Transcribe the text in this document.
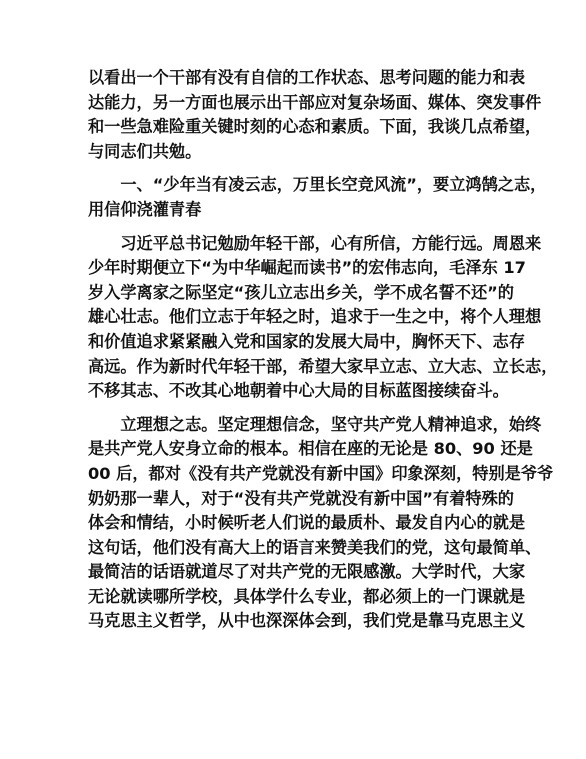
以看出一个干部有没有自信的工作状态、思考问题的能力和表
达能力，另一方面也展示出干部应对复杂场面、媒体、突发事件
和一些急难险重关键时刻的心态和素质。下面，我谈几点希望，
与同志们共勉。
　　一、“少年当有凌云志，万里长空竞风流”，要立鸿鹄之志，
用信仰浇灌青春
　　习近平总书记勉励年轻干部，心有所信，方能行远。周恩来
少年时期便立下“为中华崛起而读书”的宏伟志向，毛泽东 17
岁入学离家之际坚定“孩儿立志出乡关，学不成名誓不还”的
雄心壮志。他们立志于年轻之时，追求于一生之中，将个人理想
和价值追求紧紧融入党和国家的发展大局中，胸怀天下、志存
高远。作为新时代年轻干部，希望大家早立志、立大志、立长志，
不移其志、不改其心地朝着中心大局的目标蓝图接续奋斗。
　　立理想之志。坚定理想信念，坚守共产党人精神追求，始终
是共产党人安身立命的根本。相信在座的无论是 80、90 还是
00 后，都对《没有共产党就没有新中国》印象深刻，特别是爷爷
奶奶那一辈人，对于“没有共产党就没有新中国”有着特殊的
体会和情结，小时候听老人们说的最质朴、最发自内心的就是
这句话，他们没有高大上的语言来赞美我们的党，这句最简单、
最简洁的话语就道尽了对共产党的无限感激。大学时代，大家
无论就读哪所学校，具体学什么专业，都必须上的一门课就是
马克思主义哲学，从中也深深体会到，我们党是靠马克思主义
